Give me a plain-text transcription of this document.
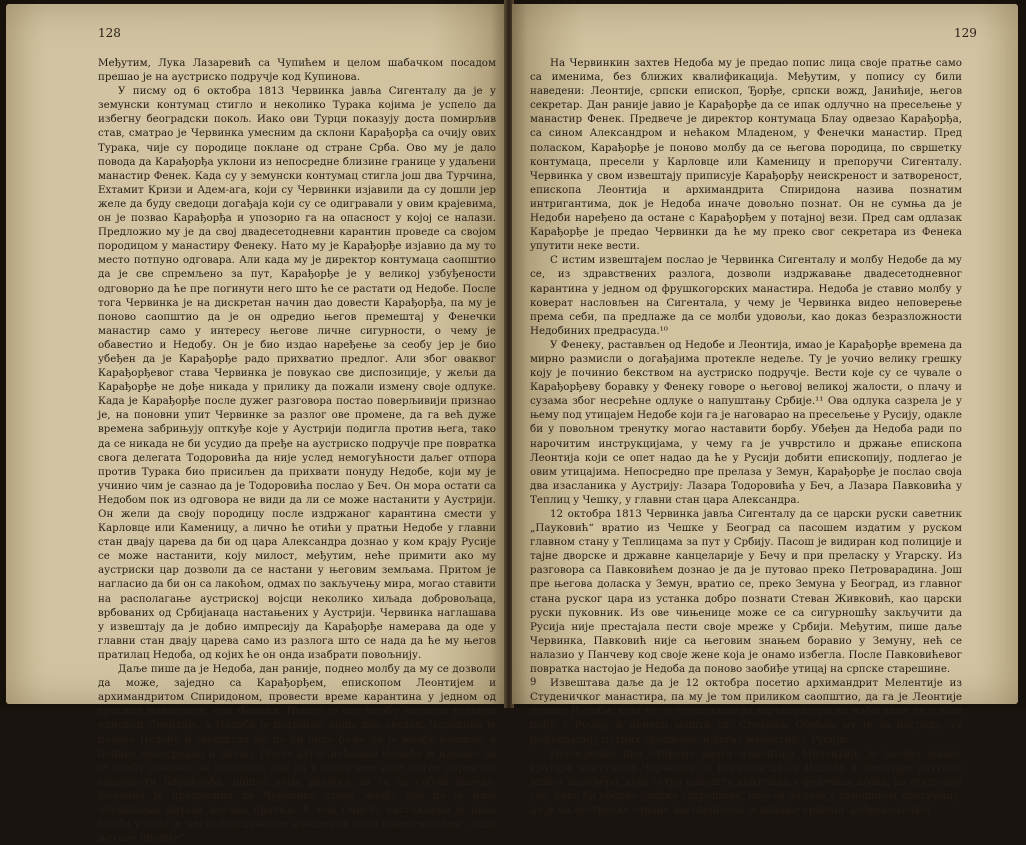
128

Међутим, Лука Лазаревић са Чупићем и целом шабачком посадом прешао је на аустриско подручје код Купинова.

У писму од 6 октобра 1813 Червинка јавља Сигенталу да је у земунски контумац стигло и неколико Турака којима је успело да избегну београдски покољ. Иако ови Турци показују доста помирљив став, сматрао је Червинка умесним да склони Карађорђа са очију ових Турака, чије су породице поклане од стране Срба. Ово му је дало повода да Карађорђа уклони из непосредне близине границе у удаљени манастир Фенек. Када су у земунски контумац стигла још два Турчина, Ехтамит Кризи и Адем-ага, који су Червинки изјавили да су дошли јер желе да буду сведоци догађаја који су се одигравали у овим крајевима, он је позвао Карађорђа и упозорио га на опасност у којој се налази. Предложио му је да свој двадесетодневни карантин проведе са својом породицом у манастиру Фенеку. Нато му је Карађорђе изјавио да му то место потпуно одговара. Али када му је директор контумаца саопштио да је све спремљено за пут, Карађорђе је у великој узбуђености одговорио да ће пре погинути него што ће се растати од Недобе. После тога Червинка је на дискретан начин дао довести Карађорђа, па му је поново саопштио да је он одредио његов премештај у Фенечки манастир само у интересу његове личне сигурности, о чему је обавестио и Недобу. Он је био издао наређење за сеобу јер је био убеђен да је Карађорђе радо прихватио предлог. Али због оваквог Карађорђевог става Червинка је повукао све диспозиције, у жељи да Карађорђе не дође никада у прилику да пожали измену своје одлуке. Када је Карађорђе после дужег разговора постао поверљивији признао је, на поновни упит Червинке за разлог ове промене, да га већ дуже времена забрињују опткуђе које у Аустрији подигла против њега, тако да се никада не би усудио да пређе на аустриско подручје пре повратка свога делегата Тодоровића да није услед немогућности даљег отпора против Турака био присиљен да прихвати понуду Недобе, који му је учинио чим је сазнао да је Тодоровића послао у Беч. Он мора остати са Недобом пок из одговора не види да ли се може настанити у Аустрији. Он жели да своју породицу после издржаног карантина смести у Карловце или Каменицу, а лично ће отићи у пратњи Недобе у главни стан двају царева да би од цара Александра дознао у ком крају Русије се може настанити, коју милост, међутим, неће примити ако му аустриски цар дозволи да се настани у његовим земљама. Притом је нагласио да би он са лакоћом, одмах по закључењу мира, могао ставити на располагање аустриској војсци неколико хиљада добровољаца, врбованих од Србијанаца настањених у Аустрији. Червинка наглашава у извештају да је добио импресију да Карађорђе намерава да оде у главни стан двају царева само из разлога што се нада да ће му његов пратилац Недоба, од којих ће он онда изабрати повољнију.

Даље пише да је Недоба, дан раније, поднео молбу да му се дозволи да може, заједно са Карађорђем, епископом Леонтијем и архимандритом Спиридоном, провести време карантина у једном од српских манастира, сем Фенека. Пошто је ову молбу написао уствари епископ Леонтије, а Недоба је потписао више као сведок, Червинка је позвао Недобу и саопштио му да би било боље да је молбу написао и поднео непосредно и лично. После дугог нећкања Недоба је изјавио да је молбу стварно он саставио, али да у својој име није могао директно споменути Карађорђа, пошто нема разлога да га са собом поведе. Коначно је предложио да Червинка стави молбу као да је њим обухваћена читава његова пратња. У том смислу састављена је нова молба у којој је место појединачно наведених лица наведено само „лица његове пратње“.

129

На Червинкин захтев Недоба му је предао попис лица своје пратње само са именима, без ближих квалификација. Међутим, у попису су били наведени: Леонтије, српски епископ, Ђорђе, српски вожд, Јанићије, његов секретар. Дан раније јавио је Карађорђе да се ипак одлучно на пресељење у манастир Фенек. Предвече је директор контумаца Блау одвезао Карађорђа, са сином Александром и нећаком Младеном, у Фенечки манастир. Пред поласком, Карађорђе је поново молбу да се његова породица, по свршетку контумаца, пресели у Карловце или Каменицу и препоручи Сигенталу. Червинка у свом извештају приписује Карађорђу неискреност и затвореност, епископа Леонтија и архимандрита Спиридона назива познатим интригантима, док је Недоба иначе довољно познат. Он не сумња да је Недоби наређено да остане с Карађорђем у потајној вези. Пред сам одлазак Карађорђе је предао Червинки да ће му преко свог секретара из Фенека упутити неке вести.

С истим извештајем послао је Червинка Сигенталу и молбу Недобе да му се, из здравствених разлога, дозволи издржавање двадесетодневног карантина у једном од фрушкогорских манастира. Недоба је ставио молбу у коверат насловљен на Сигентала, у чему је Червинка видео неповерење према себи, па предлаже да се молби удовољи, као доказ безразложности Недобиних предрасуда.¹⁰

У Фенеку, растављен од Недобе и Леонтија, имао је Карађорђе времена да мирно размисли о догађајима протекле недеље. Ту је уочио велику грешку коју је починио бекством на аустриско подручје. Вести које су се чувале о Карађорђеву боравку у Фенеку говоре о његовој великој жалости, о плачу и сузама због несрећне одлуке о напуштању Србије.¹¹ Ова одлука сазрела је у њему под утицајем Недобе који га је наговарао на пресељење у Русију, одакле би у повољном тренутку могао наставити борбу. Убеђен да Недоба ради по нарочитим инструкцијама, у чему га је учврстило и држање епископа Леонтија који се опет надао да ће у Русији добити епископију, подлегао је овим утицајима. Непосредно пре прелаза у Земун, Карађорђе је послао своја два изасланика у Аустрију: Лазара Тодоровића у Беч, а Лазара Павковића у Теплиц у Чешку, у главни стан цара Александра.

12 октобра 1813 Червинка јавља Сигенталу да се царски руски саветник „Пауковић“ вратио из Чешке у Београд са пасошем издатим у руском главном стану у Теплицама за пут у Србију. Пасош је видиран код полиције и тајне дворске и државне канцеларије у Бечу и при преласку у Угарску. Из разговора са Павковићем дознао је да је путовао преко Петроварадина. Још пре његова доласка у Земун, вратио се, преко Земуна у Београд, из главног стана руског цара из устанка добро познати Стеван Живковић, као царски руски пуковник. Из ове чињенице може се са сигурношћу закључити да Русија није престајала пести своје мреже у Србији. Међутим, пише даље Червинка, Павковић није са његовим знањем боравио у Земуну, нећ се налазио у Панчеву код своје жене која је онамо избегла. После Павковићевог повратка настојао је Недоба да поново заобиђе утицај на српске старешине.

Извештава даље да је 12 октобра посетио архимандрит Мелентије из Студеничког манастира, па му је том приликом саопштио, да га је Леонтије позвао Недоби, који му је предложио да наговори српске избеглице да с њим пођу у Русију и понеси мошти св. Стефана. Обећан му је за награду, уз рефундацију путних трошкова, и богат манастир у Русији.

Непосредно пре отпремe овога извештаја Мелентије је послао једног вратара контумаца Червинки са поруком да су Недоба и Леонтије упутили једног калуђера, који сутра напушта контумац у фенечкој шуми, да предузме све, како би убедио српске старешине, које се налазе у тамошњем контумацу, да је од аустриске стране наговештено оснивање српског добровољачког

9
